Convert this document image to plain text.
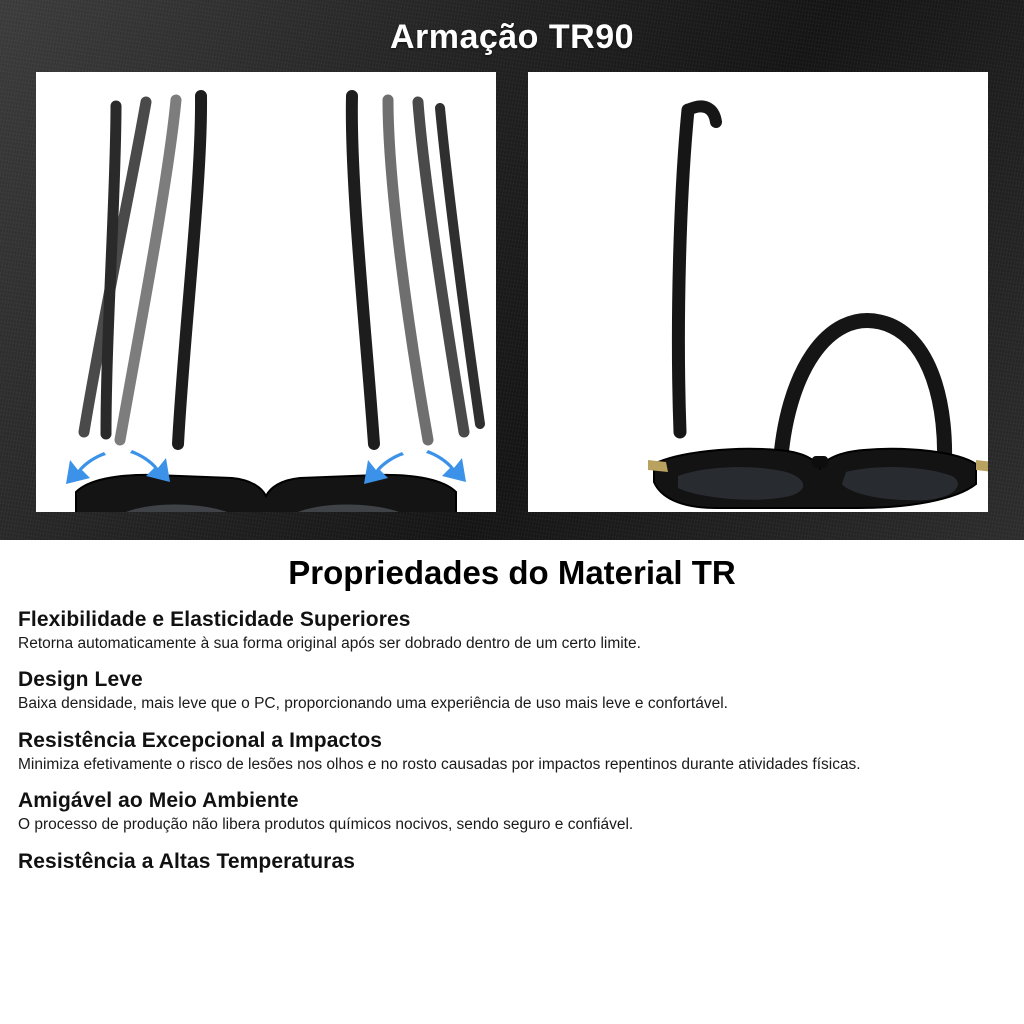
Armação TR90
Propriedades do Material TR
Flexibilidade e Elasticidade Superiores
Retorna automaticamente à sua forma original após ser dobrado dentro de um certo limite.
Design Leve
Baixa densidade, mais leve que o PC, proporcionando uma experiência de uso mais leve e confortável.
Resistência Excepcional a Impactos
Minimiza efetivamente o risco de lesões nos olhos e no rosto causadas por impactos repentinos durante atividades físicas.
Amigável ao Meio Ambiente
O processo de produção não libera produtos químicos nocivos, sendo seguro e confiável.
Resistência a Altas Temperaturas
